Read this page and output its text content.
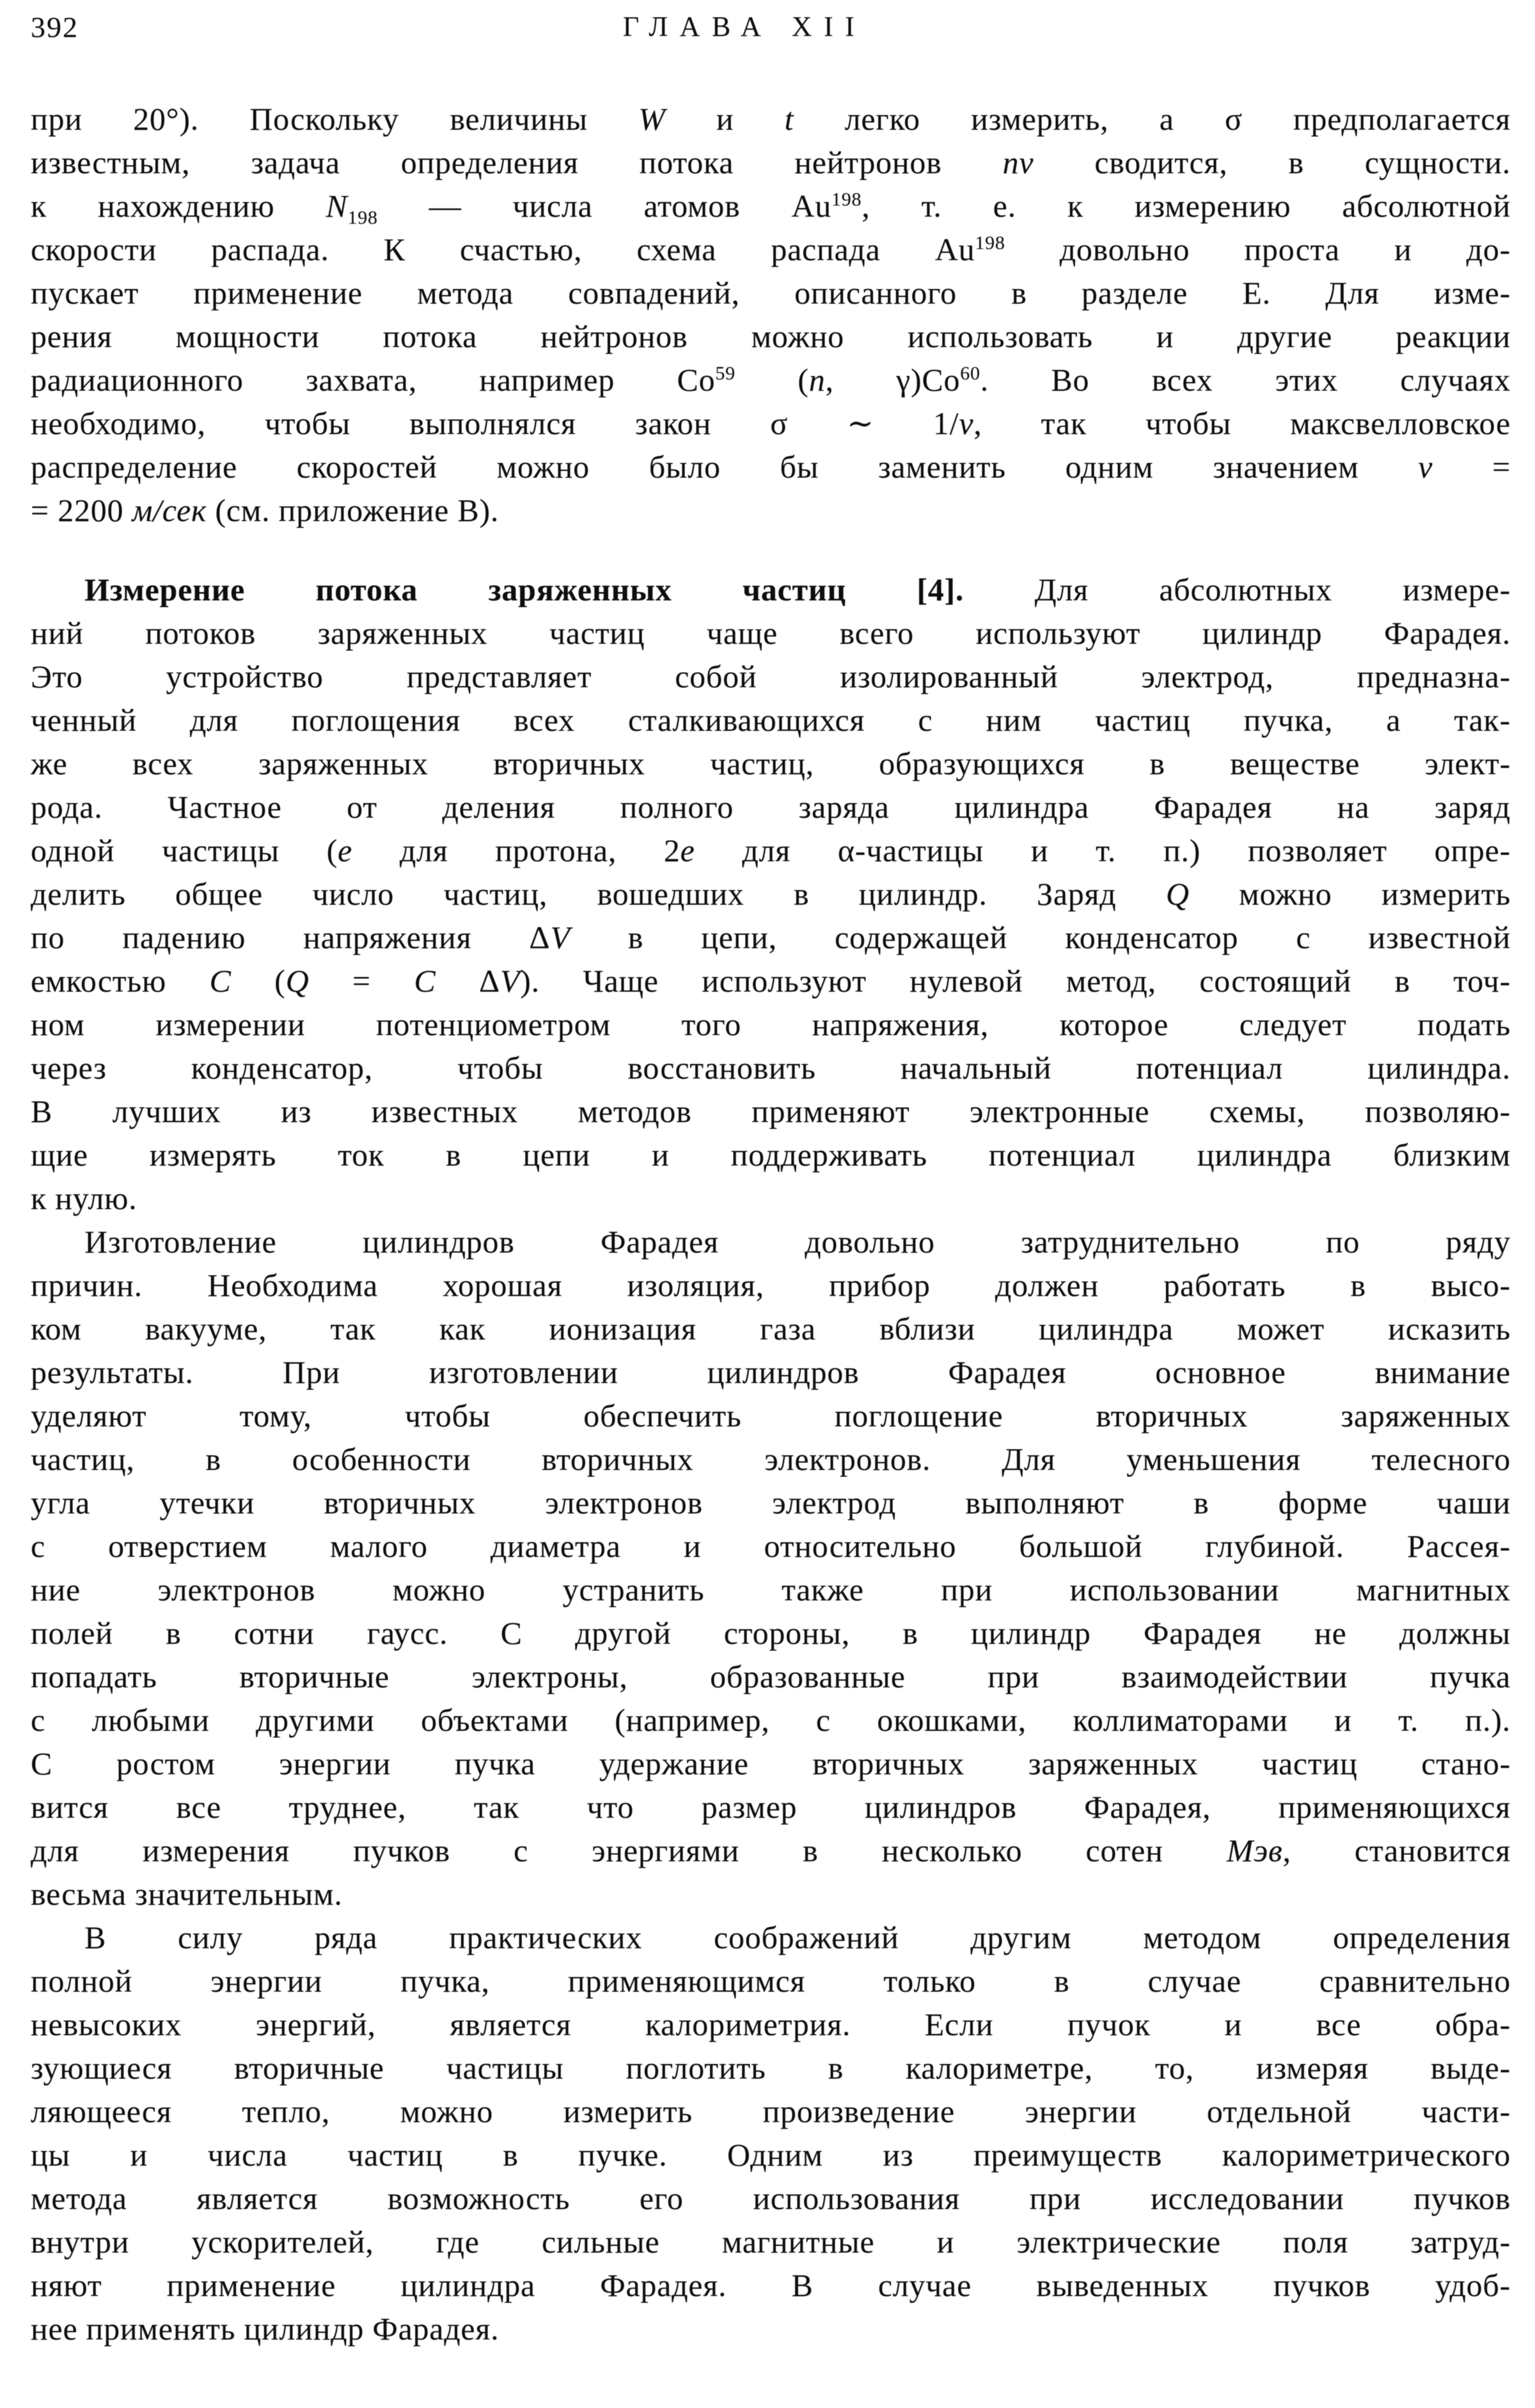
392	ГЛАВА XII
при 20°). Поскольку величины W и t легко измерить, а σ предполагается
известным, задача определения потока нейтронов nv сводится, в сущности.
к нахождению $N_{198}$ — числа атомов Au$^{198}$, т. е. к измерению абсолютной
скорости распада. К счастью, схема распада Au$^{198}$ довольно проста и до-
пускает применение метода совпадений, описанного в разделе Е. Для изме-
рения мощности потока нейтронов можно использовать и другие реакции
радиационного захвата, например Co$^{59}$ (n, γ)Co$^{60}$. Во всех этих случаях
необходимо, чтобы выполнялся закон σ ∼ 1/v, так чтобы максвелловское
распределение скоростей можно было бы заменить одним значением v =
= 2200 м/сек (см. приложение В).
Измерение потока заряженных частиц [4]. Для абсолютных измере-
ний потоков заряженных частиц чаще всего используют цилиндр Фарадея.
Это устройство представляет собой изолированный электрод, предназна-
ченный для поглощения всех сталкивающихся с ним частиц пучка, а так-
же всех заряженных вторичных частиц, образующихся в веществе элект-
рода. Частное от деления полного заряда цилиндра Фарадея на заряд
одной частицы (e для протона, 2e для α-частицы и т. п.) позволяет опре-
делить общее число частиц, вошедших в цилиндр. Заряд Q можно измерить
по падению напряжения ΔV в цепи, содержащей конденсатор с известной
емкостью C (Q = C ΔV). Чаще используют нулевой метод, состоящий в точ-
ном измерении потенциометром того напряжения, которое следует подать
через конденсатор, чтобы восстановить начальный потенциал цилиндра.
В лучших из известных методов применяют электронные схемы, позволяю-
щие измерять ток в цепи и поддерживать потенциал цилиндра близким
к нулю.
Изготовление цилиндров Фарадея довольно затруднительно по ряду
причин. Необходима хорошая изоляция, прибор должен работать в высо-
ком вакууме, так как ионизация газа вблизи цилиндра может исказить
результаты. При изготовлении цилиндров Фарадея основное внимание
уделяют тому, чтобы обеспечить поглощение вторичных заряженных
частиц, в особенности вторичных электронов. Для уменьшения телесного
угла утечки вторичных электронов электрод выполняют в форме чаши
с отверстием малого диаметра и относительно большой глубиной. Рассея-
ние электронов можно устранить также при использовании магнитных
полей в сотни гаусс. С другой стороны, в цилиндр Фарадея не должны
попадать вторичные электроны, образованные при взаимодействии пучка
с любыми другими объектами (например, с окошками, коллиматорами и т. п.).
С ростом энергии пучка удержание вторичных заряженных частиц стано-
вится все труднее, так что размер цилиндров Фарадея, применяющихся
для измерения пучков с энергиями в несколько сотен Мэв, становится
весьма значительным.
В силу ряда практических соображений другим методом определения
полной энергии пучка, применяющимся только в случае сравнительно
невысоких энергий, является калориметрия. Если пучок и все обра-
зующиеся вторичные частицы поглотить в калориметре, то, измеряя выде-
ляющееся тепло, можно измерить произведение энергии отдельной части-
цы и числа частиц в пучке. Одним из преимуществ калориметрического
метода является возможность его использования при исследовании пучков
внутри ускорителей, где сильные магнитные и электрические поля затруд-
няют применение цилиндра Фарадея. В случае выведенных пучков удоб-
нее применять цилиндр Фарадея.
